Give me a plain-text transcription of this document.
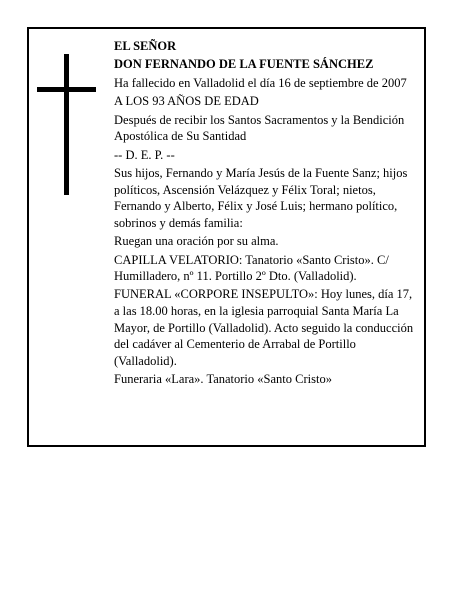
EL SEÑOR

DON FERNANDO DE LA FUENTE SÁNCHEZ

Ha fallecido en Valladolid el día 16 de septiembre de 2007

A LOS 93 AÑOS DE EDAD

Después de recibir los Santos Sacramentos y la Bendición Apostólica de Su Santidad

-- D. E. P. --

Sus hijos, Fernando y María Jesús de la Fuente Sanz; hijos políticos, Ascensión Velázquez y Félix Toral; nietos, Fernando y Alberto, Félix y José Luis; hermano político, sobrinos y demás familia:

Ruegan una oración por su alma.

CAPILLA VELATORIO: Tanatorio «Santo Cristo». C/ Humilladero, nº 11. Portillo 2º Dto. (Valladolid).

FUNERAL «CORPORE INSEPULTO»: Hoy lunes, día 17, a las 18.00 horas, en la iglesia parroquial Santa María La Mayor, de Portillo (Valladolid). Acto seguido la conducción del cadáver al Cementerio de Arrabal de Portillo (Valladolid).

Funeraria «Lara». Tanatorio «Santo Cristo»
